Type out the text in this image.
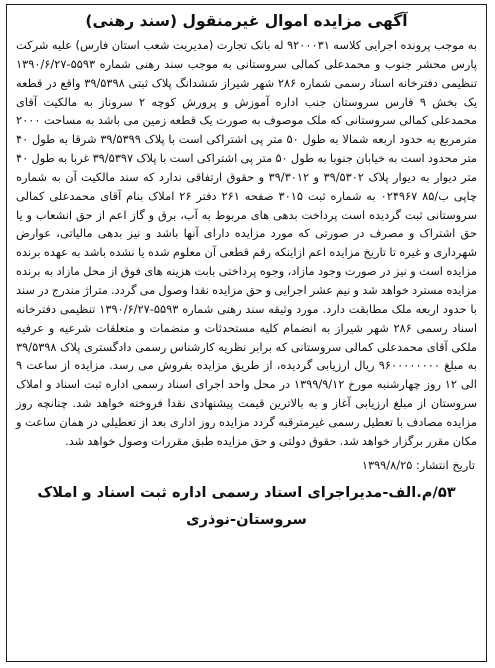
آگهی مزایده اموال غیرمنقول (سند رهنی)

به موجب پرونده اجرایی کلاسه ۹۲۰۰۰۳۱ له بانک تجارت (مدیریت شعب استان فارس) علیه شرکت پارس محشر جنوب و محمدعلی کمالی سروستانی به موجب سند رهنی شماره ۵۵۹۳-۱۳۹۰/۶/۲۷ تنظیمی دفترخانه اسناد رسمی شماره ۲۸۶ شهر شیراز ششدانگ پلاک ثبتی ۳۹/۵۳۹۸ واقع در قطعه یک بخش ۹ فارس سروستان جنب اداره آموزش و پرورش کوچه ۲ سروناز به مالکیت آقای محمدعلی کمالی سروستانی که ملک موصوف به صورت یک قطعه زمین می باشد به مساحت ۲۰۰۰ مترمربع به حدود اربعه شمالا به طول ۵۰ متر پی اشتراکی است با پلاک ۳۹/۵۳۹۹ شرقا به طول ۴۰ متر محدود است به خیابان جنوبا به طول ۵۰ متر پی اشتراکی است با پلاک ۳۹/۵۳۹۷ غربا به طول ۴۰ متر دیوار به دیوار پلاک ۳۹/۵۳۰۲ و ۳۹/۳۰۱۲ و حقوق ارتفاقی ندارد که سند مالکیت آن به شماره چاپی ب/۸۵ ۰۲۴۹۶۷ به شماره ثبت ۳۰۱۵ صفحه ۲۶۱ دفتر ۲۶ املاک بنام آقای محمدعلی کمالی سروستانی ثبت گردیده است پرداخت بدهی های مربوط به آب، برق و گاز اعم از حق انشعاب و یا حق اشتراک و مصرف در صورتی که مورد مزایده دارای آنها باشد و نیز بدهی مالیاتی، عوارض شهرداری و غیره تا تاریخ مزایده اعم ازاینکه رقم قطعی آن معلوم شده یا نشده باشد به عهده برنده مزایده است و نیز در صورت وجود مازاد، وجوه پرداختی بابت هزینه های فوق از محل مازاد به برنده مزایده مسترد خواهد شد و نیم عشر اجرایی و حق مزایده نقدا وصول می گردد. متراژ مندرج در سند با حدود اربعه ملک مطابقت دارد. مورد وثیقه سند رهنی شماره ۵۵۹۳-۱۳۹۰/۶/۲۷ تنظیمی دفترخانه اسناد رسمی ۲۸۶ شهر شیراز به انضمام کلیه مستحدثات و منضمات و متعلقات شرعیه و عرفیه ملکی آقای محمدعلی کمالی سروستانی که برابر نظریه کارشناس رسمی دادگستری پلاک ۳۹/۵۳۹۸ به مبلغ ۹۶۰۰۰۰۰۰۰۰ ریال ارزیابی گردیده، از طریق مزایده بفروش می رسد. مزایده از ساعت ۹ الی ۱۲ روز چهارشنبه مورخ ۱۳۹۹/۹/۱۲ در محل واحد اجرای اسناد رسمی اداره ثبت اسناد و املاک سروستان از مبلغ ارزیابی آغاز و به بالاترین قیمت پیشنهادی نقدا فروخته خواهد شد. چنانچه روز مزایده مصادف با تعطیل رسمی غیرمترقبه گردد مزایده روز اداری بعد از تعطیلی در همان ساعت و مکان مقرر برگزار خواهد شد. حقوق دولتی و حق مزایده طبق مقررات وصول خواهد شد.

تاریخ انتشار: ۱۳۹۹/۸/۲۵
۵۳/م.الف-مدیراجرای اسناد رسمی اداره ثبت اسناد و املاک
سروستان-نوذری
